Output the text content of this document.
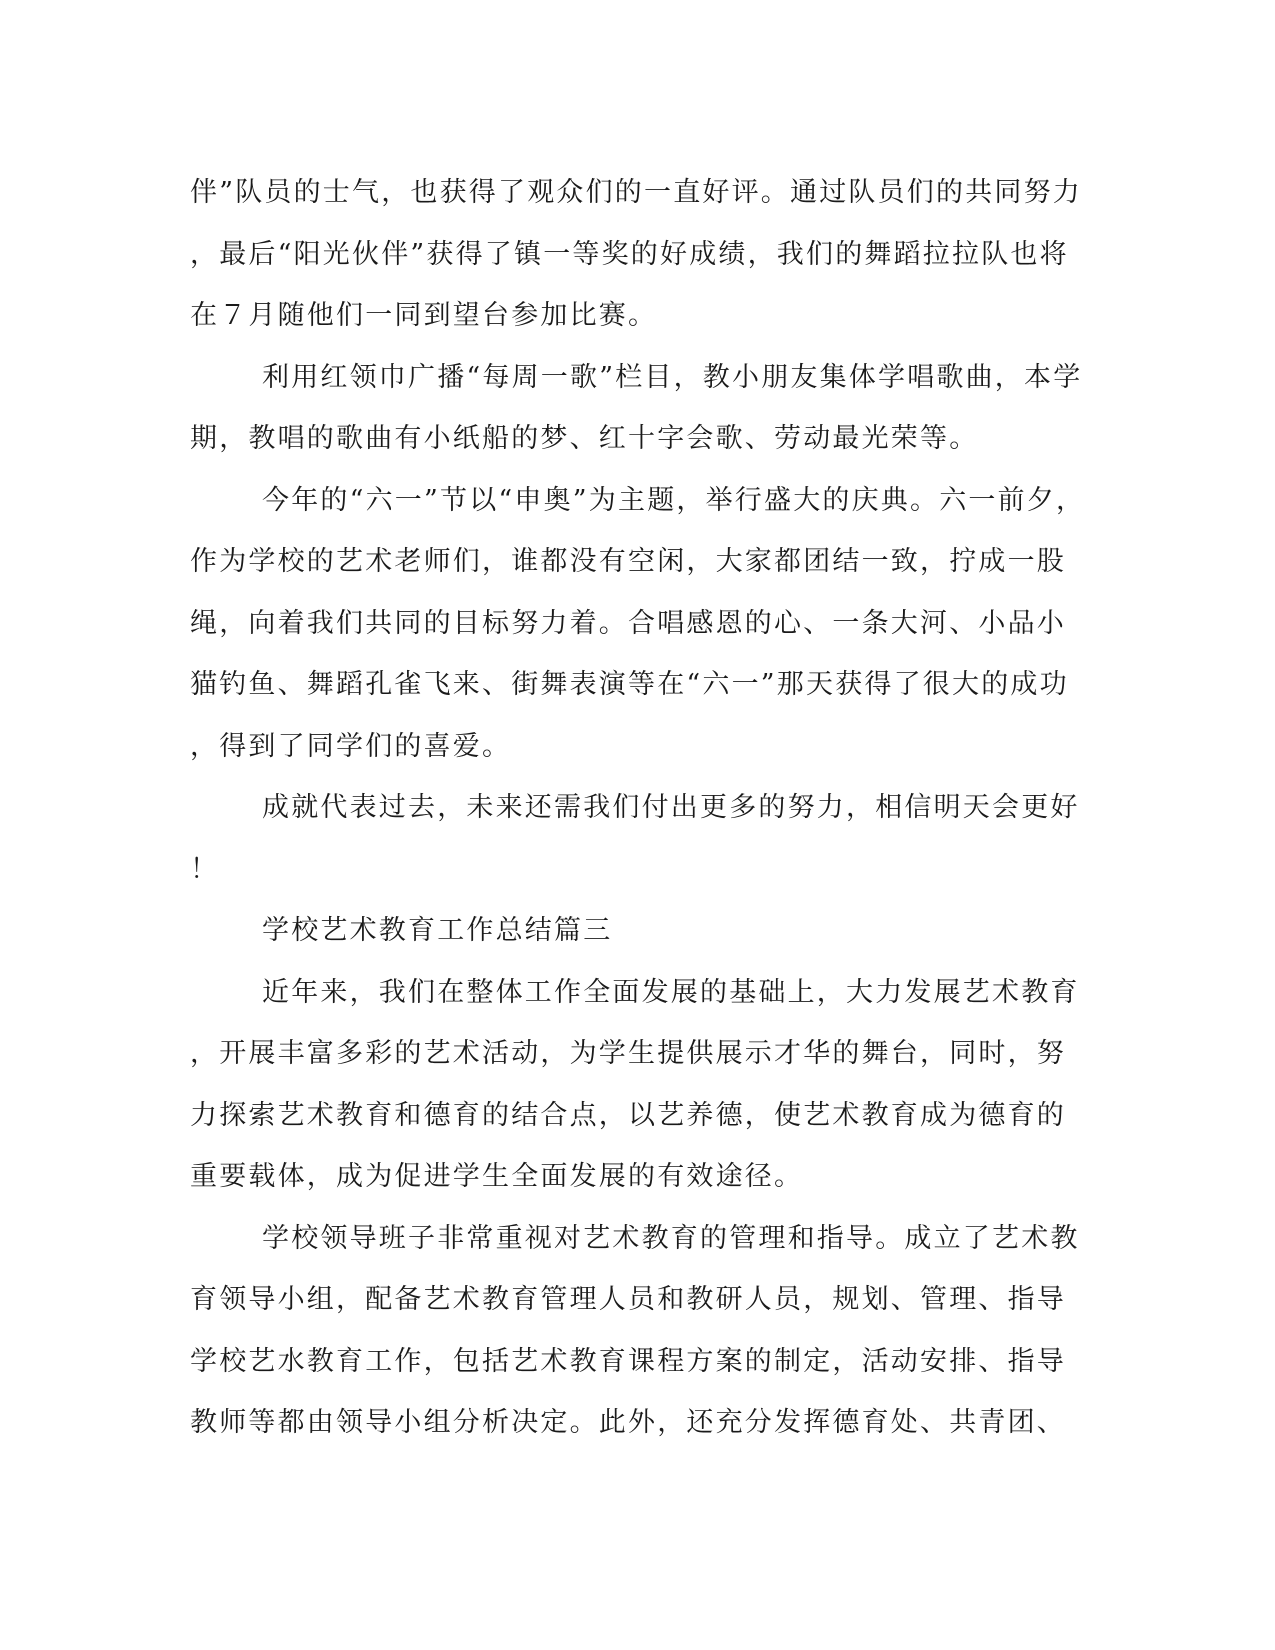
伴”队员的士气，也获得了观众们的一直好评。通过队员们的共同努力
，最后“阳光伙伴”获得了镇一等奖的好成绩，我们的舞蹈拉拉队也将
在７月随他们一同到望台参加比赛。
利用红领巾广播“每周一歌”栏目，教小朋友集体学唱歌曲，本学
期，教唱的歌曲有小纸船的梦、红十字会歌、劳动最光荣等。
今年的“六一”节以“申奥”为主题，举行盛大的庆典。六一前夕，
作为学校的艺术老师们，谁都没有空闲，大家都团结一致，拧成一股
绳，向着我们共同的目标努力着。合唱感恩的心、一条大河、小品小
猫钓鱼、舞蹈孔雀飞来、街舞表演等在“六一”那天获得了很大的成功
，得到了同学们的喜爱。
成就代表过去，未来还需我们付出更多的努力，相信明天会更好
！
学校艺术教育工作总结篇三
近年来，我们在整体工作全面发展的基础上，大力发展艺术教育
，开展丰富多彩的艺术活动，为学生提供展示才华的舞台，同时，努
力探索艺术教育和德育的结合点，以艺养德，使艺术教育成为德育的
重要载体，成为促进学生全面发展的有效途径。
学校领导班子非常重视对艺术教育的管理和指导。成立了艺术教
育领导小组，配备艺术教育管理人员和教研人员，规划、管理、指导
学校艺水教育工作，包括艺术教育课程方案的制定，活动安排、指导
教师等都由领导小组分析决定。此外，还充分发挥德育处、共青团、
